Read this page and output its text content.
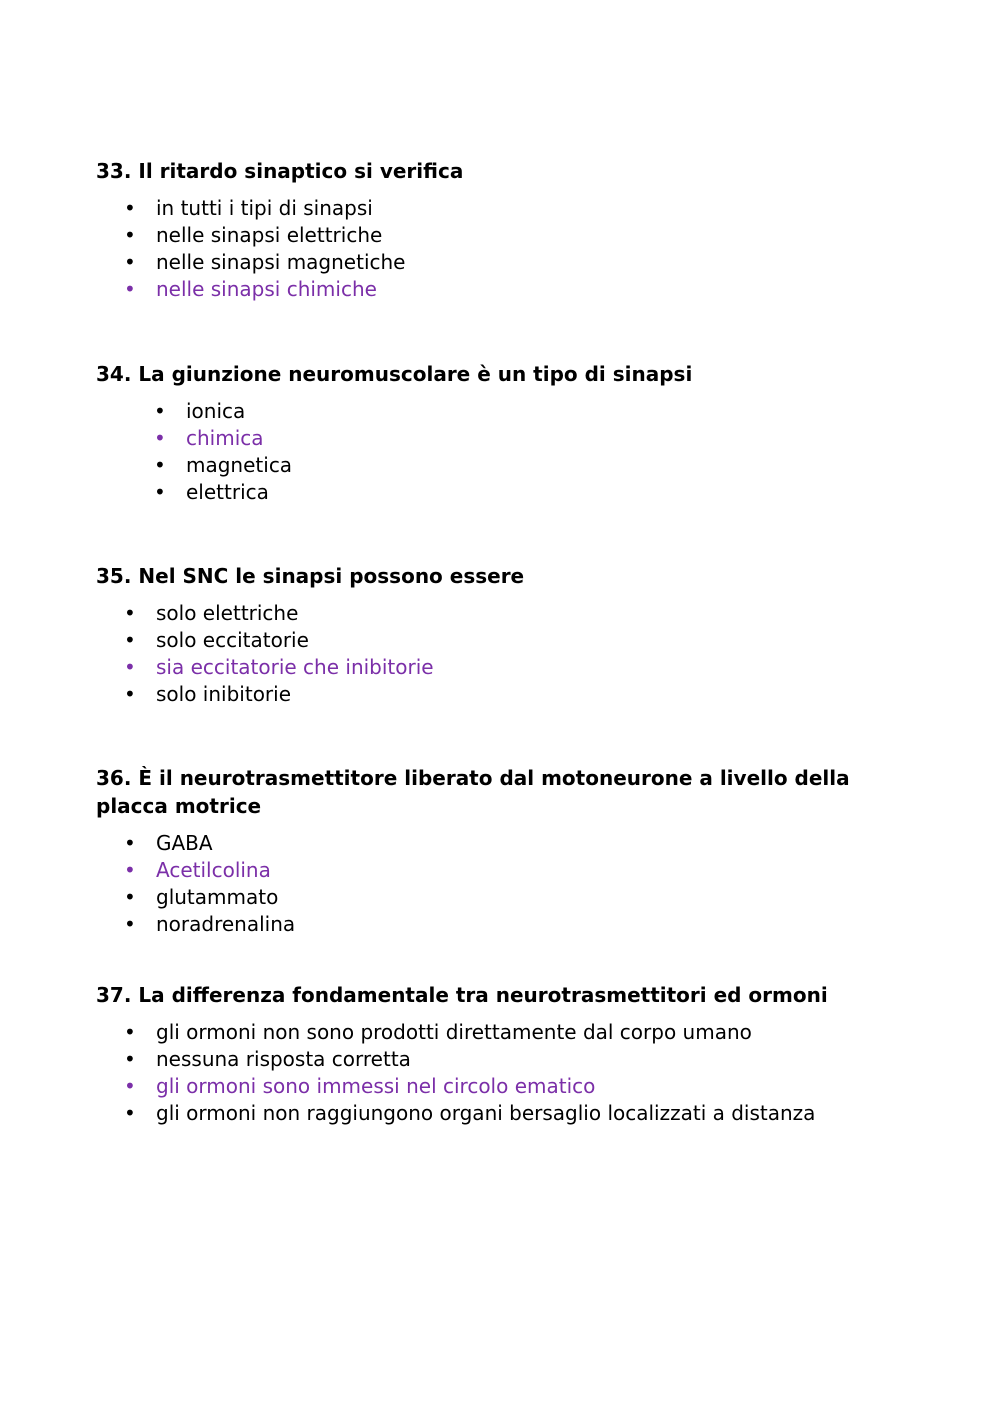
33. Il ritardo sinaptico si verifica

• in tutti i tipi di sinapsi
• nelle sinapsi elettriche
• nelle sinapsi magnetiche
• nelle sinapsi chimiche

34. La giunzione neuromuscolare è un tipo di sinapsi

• ionica
• chimica
• magnetica
• elettrica

35. Nel SNC le sinapsi possono essere

• solo elettriche
• solo eccitatorie
• sia eccitatorie che inibitorie
• solo inibitorie

36. È il neurotrasmettitore liberato dal motoneurone a livello della placca motrice

• GABA
• Acetilcolina
• glutammato
• noradrenalina

37. La differenza fondamentale tra neurotrasmettitori ed ormoni

• gli ormoni non sono prodotti direttamente dal corpo umano
• nessuna risposta corretta
• gli ormoni sono immessi nel circolo ematico
• gli ormoni non raggiungono organi bersaglio localizzati a distanza
